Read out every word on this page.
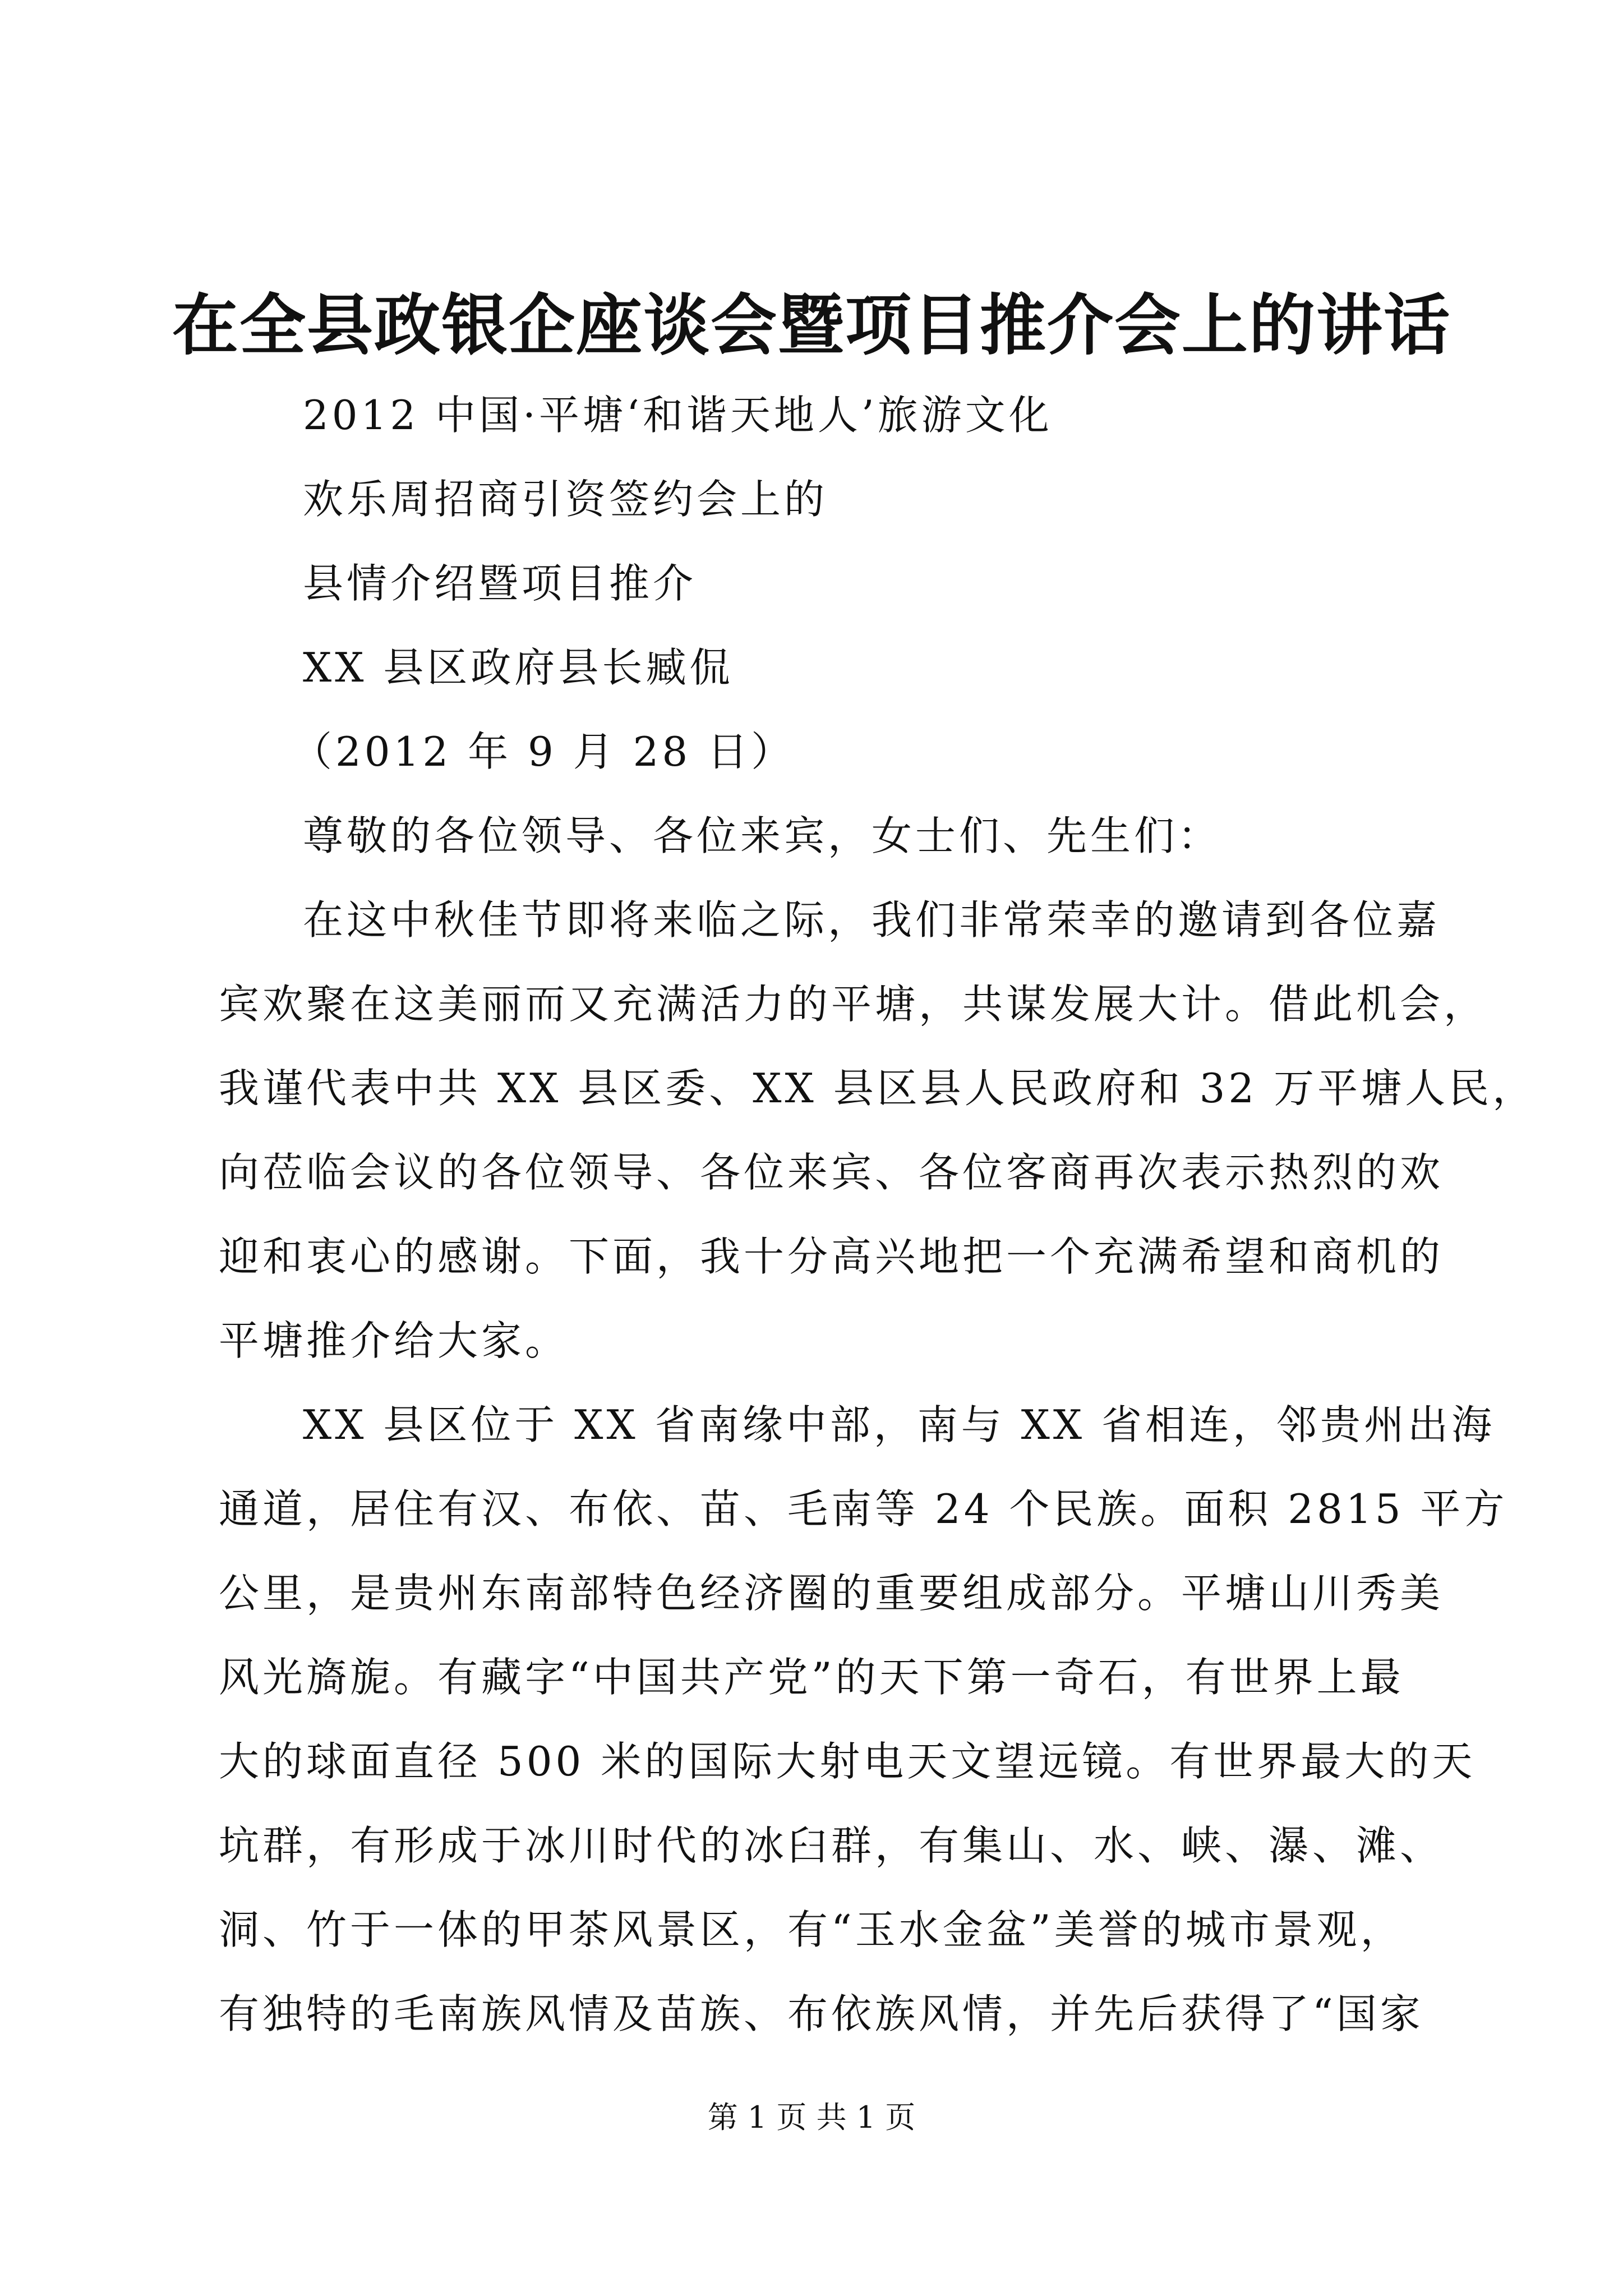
在全县政银企座谈会暨项目推介会上的讲话
2012 中国·平塘‘和谐天地人’旅游文化
欢乐周招商引资签约会上的
县情介绍暨项目推介
XX 县区政府县长臧侃
（2012 年 9 月 28 日）
尊敬的各位领导、各位来宾，女士们、先生们：
在这中秋佳节即将来临之际，我们非常荣幸的邀请到各位嘉
宾欢聚在这美丽而又充满活力的平塘，共谋发展大计。借此机会，
我谨代表中共 XX 县区委、XX 县区县人民政府和 32 万平塘人民，
向莅临会议的各位领导、各位来宾、各位客商再次表示热烈的欢
迎和衷心的感谢。下面，我十分高兴地把一个充满希望和商机的
平塘推介给大家。
XX 县区位于 XX 省南缘中部，南与 XX 省相连，邻贵州出海
通道，居住有汉、布依、苗、毛南等 24 个民族。面积 2815 平方
公里，是贵州东南部特色经济圈的重要组成部分。平塘山川秀美
风光旖旎。有藏字“中国共产党”的天下第一奇石，有世界上最
大的球面直径 500 米的国际大射电天文望远镜。有世界最大的天
坑群，有形成于冰川时代的冰臼群，有集山、水、峡、瀑、滩、
洞、竹于一体的甲茶风景区，有“玉水金盆”美誉的城市景观，
有独特的毛南族风情及苗族、布依族风情，并先后获得了“国家
第 1 页 共 1 页
